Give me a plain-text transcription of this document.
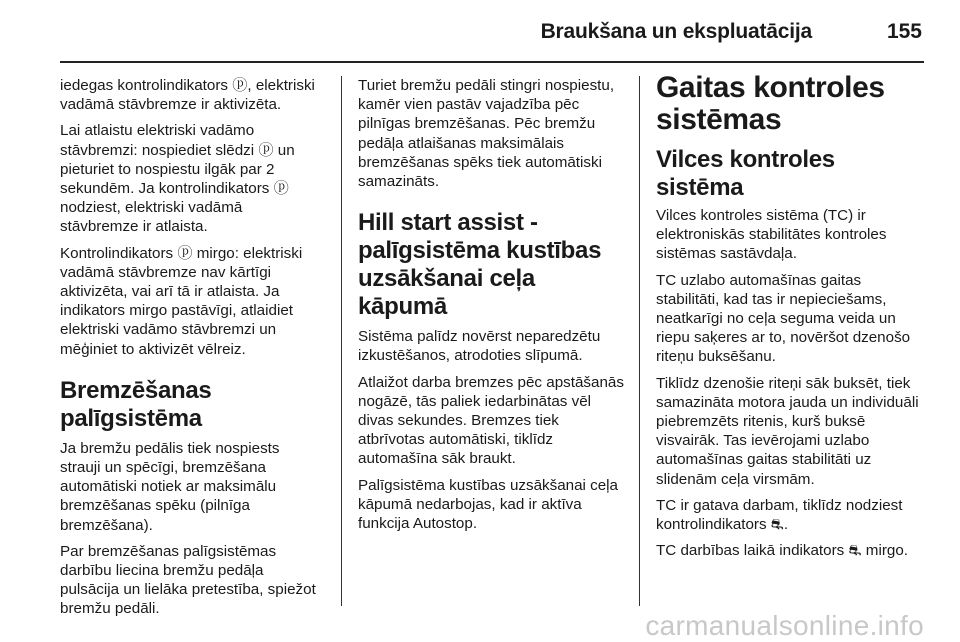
Braukšana un ekspluatācija	155

iedegas kontrolindikators ⓟ, elektriski vadāmā stāvbremze ir aktivizēta.

Lai atlaistu elektriski vadāmo stāvbremzi: nospiediet slēdzi ⓟ un pieturiet to nospiestu ilgāk par 2 sekundēm. Ja kontrolindikators ⓟ nodziest, elektriski vadāmā stāvbremze ir atlaista.

Kontrolindikators ⓟ mirgo: elektriski vadāmā stāvbremze nav kārtīgi aktivizēta, vai arī tā ir atlaista. Ja indikators mirgo pastāvīgi, atlaidiet elektriski vadāmo stāvbremzi un mēģiniet to aktivizēt vēlreiz.

Bremzēšanas palīgsistēma

Ja bremžu pedālis tiek nospiests strauji un spēcīgi, bremzēšana automātiski notiek ar maksimālu bremzēšanas spēku (pilnīga bremzēšana).

Par bremzēšanas palīgsistēmas darbību liecina bremžu pedāļa pulsācija un lielāka pretestība, spiežot bremžu pedāli.

Turiet bremžu pedāli stingri nospiestu, kamēr vien pastāv vajadzība pēc pilnīgas bremzēšanas. Pēc bremžu pedāļa atlaišanas maksimālais bremzēšanas spēks tiek automātiski samazināts.

Hill start assist - palīgsistēma kustības uzsākšanai ceļa kāpumā

Sistēma palīdz novērst neparedzētu izkustēšanos, atrodoties slīpumā.

Atlaižot darba bremzes pēc apstāšanās nogāzē, tās paliek iedarbinātas vēl divas sekundes. Bremzes tiek atbrīvotas automātiski, tiklīdz automašīna sāk braukt.

Palīgsistēma kustības uzsākšanai ceļa kāpumā nedarbojas, kad ir aktīva funkcija Autostop.

Gaitas kontroles sistēmas
Vilces kontroles sistēma

Vilces kontroles sistēma (TC) ir elektroniskās stabilitātes kontroles sistēmas sastāvdaļa.

TC uzlabo automašīnas gaitas stabilitāti, kad tas ir nepieciešams, neatkarīgi no ceļa seguma veida un riepu saķeres ar to, novēršot dzenošo riteņu buksēšanu.

Tiklīdz dzenošie riteņi sāk buksēt, tiek samazināta motora jauda un individuāli piebremzēts ritenis, kurš buksē visvairāk. Tas ievērojami uzlabo automašīnas gaitas stabilitāti uz slidenām ceļa virsmām.

TC ir gatava darbam, tiklīdz nodziest kontrolindikators ⛐.

TC darbības laikā indikators ⛐ mirgo.

carmanualsonline.info
